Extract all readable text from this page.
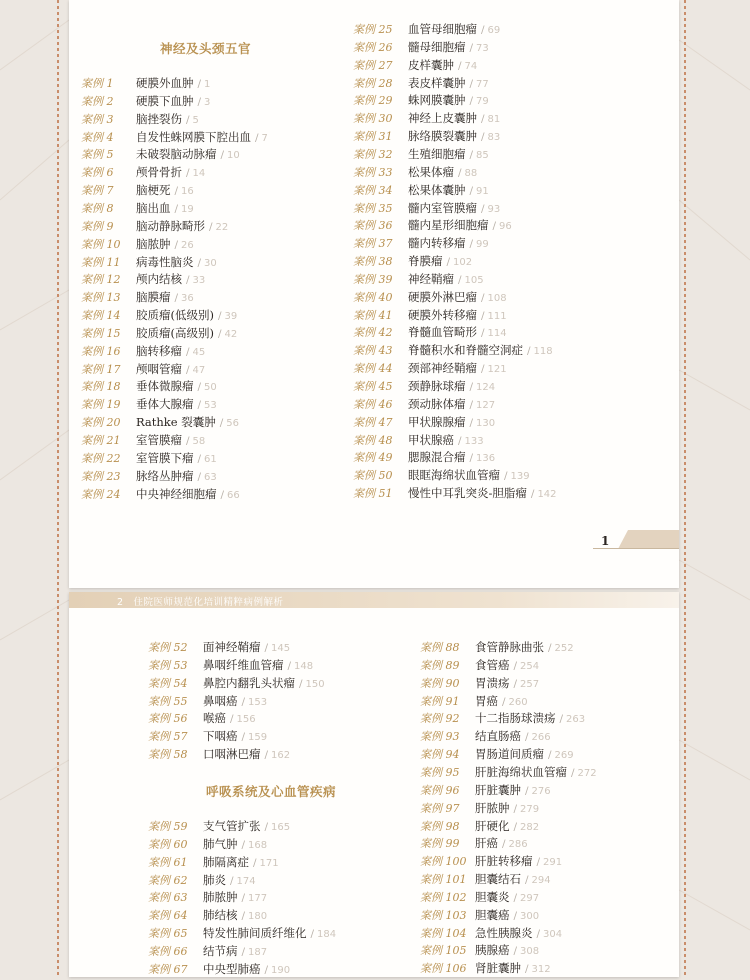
神经及头颈五官
案例 1 硬膜外血肿 / 1
案例 2 硬膜下血肿 / 3
案例 3 脑挫裂伤 / 5
案例 4 自发性蛛网膜下腔出血 / 7
案例 5 未破裂脑动脉瘤 / 10
案例 6 颅骨骨折 / 14
案例 7 脑梗死 / 16
案例 8 脑出血 / 19
案例 9 脑动静脉畸形 / 22
案例 10 脑脓肿 / 26
案例 11 病毒性脑炎 / 30
案例 12 颅内结核 / 33
案例 13 脑膜瘤 / 36
案例 14 胶质瘤(低级别) / 39
案例 15 胶质瘤(高级别) / 42
案例 16 脑转移瘤 / 45
案例 17 颅咽管瘤 / 47
案例 18 垂体微腺瘤 / 50
案例 19 垂体大腺瘤 / 53
案例 20 Rathke 裂囊肿 / 56
案例 21 室管膜瘤 / 58
案例 22 室管膜下瘤 / 61
案例 23 脉络丛肿瘤 / 63
案例 24 中央神经细胞瘤 / 66
案例 25 血管母细胞瘤 / 69
案例 26 髓母细胞瘤 / 73
案例 27 皮样囊肿 / 74
案例 28 表皮样囊肿 / 77
案例 29 蛛网膜囊肿 / 79
案例 30 神经上皮囊肿 / 81
案例 31 脉络膜裂囊肿 / 83
案例 32 生殖细胞瘤 / 85
案例 33 松果体瘤 / 88
案例 34 松果体囊肿 / 91
案例 35 髓内室管膜瘤 / 93
案例 36 髓内星形细胞瘤 / 96
案例 37 髓内转移瘤 / 99
案例 38 脊膜瘤 / 102
案例 39 神经鞘瘤 / 105
案例 40 硬膜外淋巴瘤 / 108
案例 41 硬膜外转移瘤 / 111
案例 42 脊髓血管畸形 / 114
案例 43 脊髓积水和脊髓空洞症 / 118
案例 44 颈部神经鞘瘤 / 121
案例 45 颈静脉球瘤 / 124
案例 46 颈动脉体瘤 / 127
案例 47 甲状腺腺瘤 / 130
案例 48 甲状腺癌 / 133
案例 49 腮腺混合瘤 / 136
案例 50 眼眶海绵状血管瘤 / 139
案例 51 慢性中耳乳突炎-胆脂瘤 / 142
1
2　住院医师规范化培训精粹病例解析
案例 52 面神经鞘瘤 / 145
案例 53 鼻咽纤维血管瘤 / 148
案例 54 鼻腔内翻乳头状瘤 / 150
案例 55 鼻咽癌 / 153
案例 56 喉癌 / 156
案例 57 下咽癌 / 159
案例 58 口咽淋巴瘤 / 162
呼吸系统及心血管疾病
案例 59 支气管扩张 / 165
案例 60 肺气肿 / 168
案例 61 肺隔离症 / 171
案例 62 肺炎 / 174
案例 63 肺脓肿 / 177
案例 64 肺结核 / 180
案例 65 特发性肺间质纤维化 / 184
案例 66 结节病 / 187
案例 67 中央型肺癌 / 190
案例 88 食管静脉曲张 / 252
案例 89 食管癌 / 254
案例 90 胃溃疡 / 257
案例 91 胃癌 / 260
案例 92 十二指肠球溃疡 / 263
案例 93 结直肠癌 / 266
案例 94 胃肠道间质瘤 / 269
案例 95 肝脏海绵状血管瘤 / 272
案例 96 肝脏囊肿 / 276
案例 97 肝脓肿 / 279
案例 98 肝硬化 / 282
案例 99 肝癌 / 286
案例 100 肝脏转移瘤 / 291
案例 101 胆囊结石 / 294
案例 102 胆囊炎 / 297
案例 103 胆囊癌 / 300
案例 104 急性胰腺炎 / 304
案例 105 胰腺癌 / 308
案例 106 肾脏囊肿 / 312
